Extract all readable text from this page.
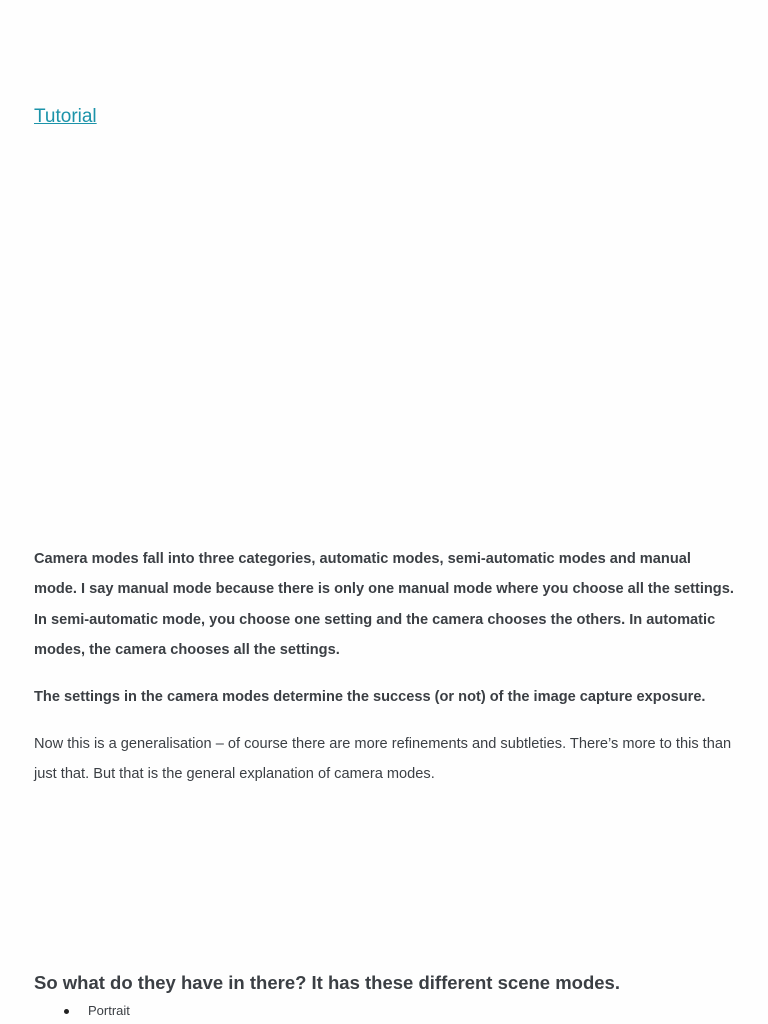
Tutorial

Camera modes fall into three categories, automatic modes, semi-automatic modes and manual mode. I say manual mode because there is only one manual mode where you choose all the settings. In semi-automatic mode, you choose one setting and the camera chooses the others. In automatic modes, the camera chooses all the settings.

The settings in the camera modes determine the success (or not) of the image capture exposure.

Now this is a generalisation – of course there are more refinements and subtleties. There’s more to this than just that. But that is the general explanation of camera modes.

So what do they have in there? It has these different scene modes.
Portrait
